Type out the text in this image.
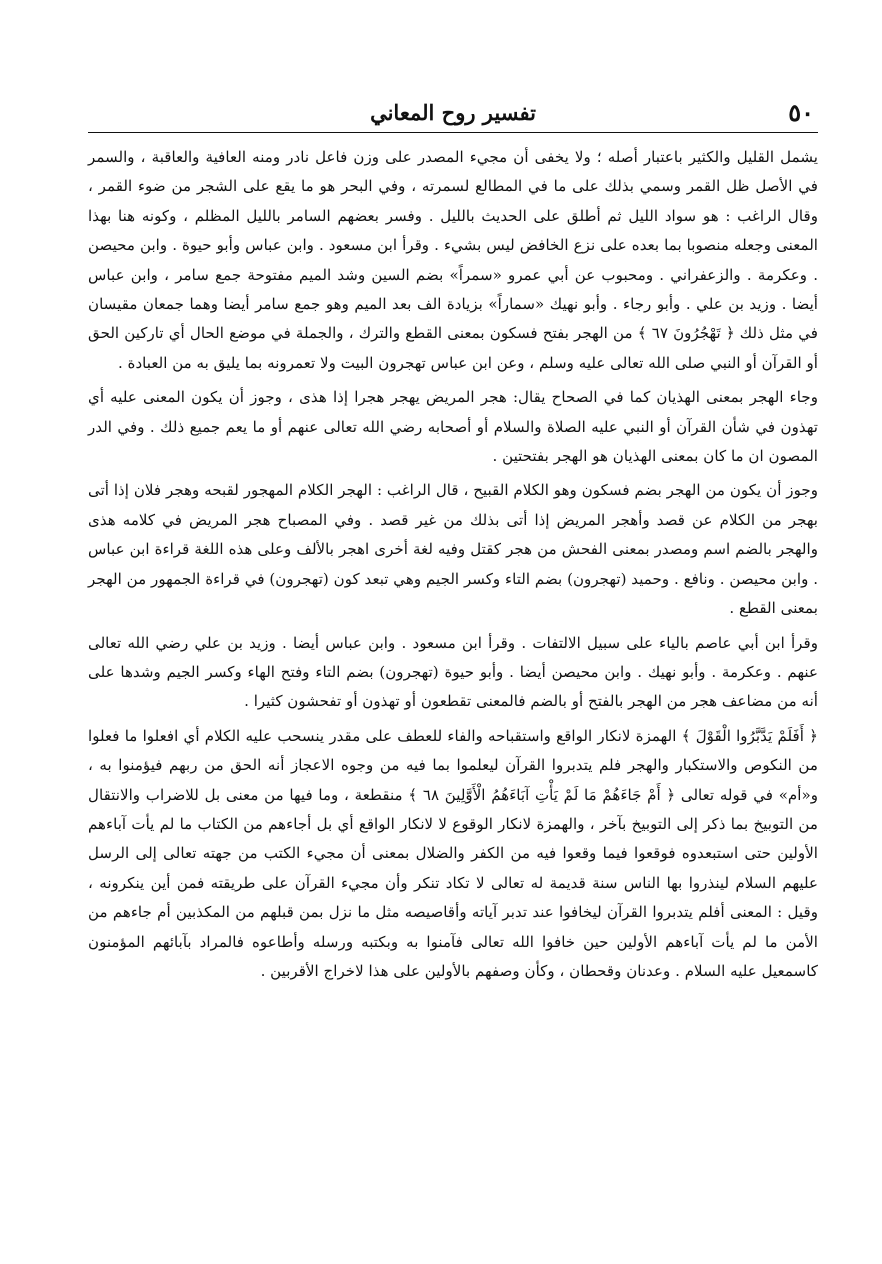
٥٠
تفسير روح المعاني

يشمل القليل والكثير باعتبار أصله ؛ ولا يخفى أن مجيء المصدر على وزن فاعل نادر ومنه العافية والعاقبة ، والسمر في الأصل ظل القمر وسمي بذلك على ما في المطالع لسمرته ، وفي البحر هو ما يقع على الشجر من ضوء القمر ، وقال الراغب : هو سواد الليل ثم أطلق على الحديث بالليل . وفسر بعضهم السامر بالليل المظلم ، وكونه هنا بهذا المعنى وجعله منصوبا بما بعده على نزع الخافض ليس بشيء . وقرأ ابن مسعود . وابن عباس وأبو حيوة . وابن محيصن . وعكرمة . والزعفراني . ومحبوب عن أبي عمرو «سمراً» بضم السين وشد الميم مفتوحة جمع سامر ، وابن عباس أيضا . وزيد بن علي . وأبو رجاء . وأبو نهيك «سماراً» بزيادة الف بعد الميم وهو جمع سامر أيضا وهما جمعان مقيسان في مثل ذلك ﴿ تَهْجُرُونَ ٦٧ ﴾ من الهجر بفتح فسكون بمعنى القطع والترك ، والجملة في موضع الحال أي تاركين الحق أو القرآن أو النبي صلى الله تعالى عليه وسلم ، وعن ابن عباس تهجرون البيت ولا تعمرونه بما يليق به من العبادة .

وجاء الهجر بمعنى الهذيان كما في الصحاح يقال: هجر المريض يهجر هجرا إذا هذى ، وجوز أن يكون المعنى عليه أي تهذون في شأن القرآن أو النبي عليه الصلاة والسلام أو أصحابه رضي الله تعالى عنهم أو ما يعم جميع ذلك . وفي الدر المصون ان ما كان بمعنى الهذيان هو الهجر بفتحتين .

وجوز أن يكون من الهجر بضم فسكون وهو الكلام القبيح ، قال الراغب : الهجر الكلام المهجور لقبحه وهجر فلان إذا أتى بهجر من الكلام عن قصد وأهجر المريض إذا أتى بذلك من غير قصد . وفي المصباح هجر المريض في كلامه هذى والهجر بالضم اسم ومصدر بمعنى الفحش من هجر كقتل وفيه لغة أخرى اهجر بالألف وعلى هذه اللغة قراءة ابن عباس . وابن محيصن . ونافع . وحميد (تهجرون) بضم التاء وكسر الجيم وهي تبعد كون (تهجرون) في قراءة الجمهور من الهجر بمعنى القطع .

وقرأ ابن أبي عاصم بالياء على سبيل الالتفات . وقرأ ابن مسعود . وابن عباس أيضا . وزيد بن علي رضي الله تعالى عنهم . وعكرمة . وأبو نهيك . وابن محيصن أيضا . وأبو حيوة (تهجرون) بضم التاء وفتح الهاء وكسر الجيم وشدها على أنه من مضاعف هجر من الهجر بالفتح أو بالضم فالمعنى تقطعون أو تهذون أو تفحشون كثيرا .

﴿ أَفَلَمْ يَدَّبَّرُوا الْقَوْلَ ﴾ الهمزة لانكار الواقع واستقباحه والفاء للعطف على مقدر ينسحب عليه الكلام أي افعلوا ما فعلوا من النكوص والاستكبار والهجر فلم يتدبروا القرآن ليعلموا بما فيه من وجوه الاعجاز أنه الحق من ربهم فيؤمنوا به ، و«أم» في قوله تعالى ﴿ أَمْ جَاءَهُمْ مَا لَمْ يَأْتِ آبَاءَهُمُ الْأَوَّلِينَ ٦٨ ﴾ منقطعة ، وما فيها من معنى بل للاضراب والانتقال من التوبيخ بما ذكر إلى التوبيخ بآخر ، والهمزة لانكار الوقوع لا لانكار الواقع أي بل أجاءهم من الكتاب ما لم يأت آباءهم الأولين حتى استبعدوه فوقعوا فيما وقعوا فيه من الكفر والضلال بمعنى أن مجيء الكتب من جهته تعالى إلى الرسل عليهم السلام لينذروا بها الناس سنة قديمة له تعالى لا تكاد تنكر وأن مجيء القرآن على طريقته فمن أين ينكرونه ، وقيل : المعنى أفلم يتدبروا القرآن ليخافوا عند تدبر آياته وأقاصيصه مثل ما نزل بمن قبلهم من المكذبين أم جاءهم من الأمن ما لم يأت آباءهم الأولين حين خافوا الله تعالى فآمنوا به وبكتبه ورسله وأطاعوه فالمراد بآبائهم المؤمنون كاسمعيل عليه السلام . وعدنان وقحطان ، وكأن وصفهم بالأولين على هذا لاخراج الأقربين .
